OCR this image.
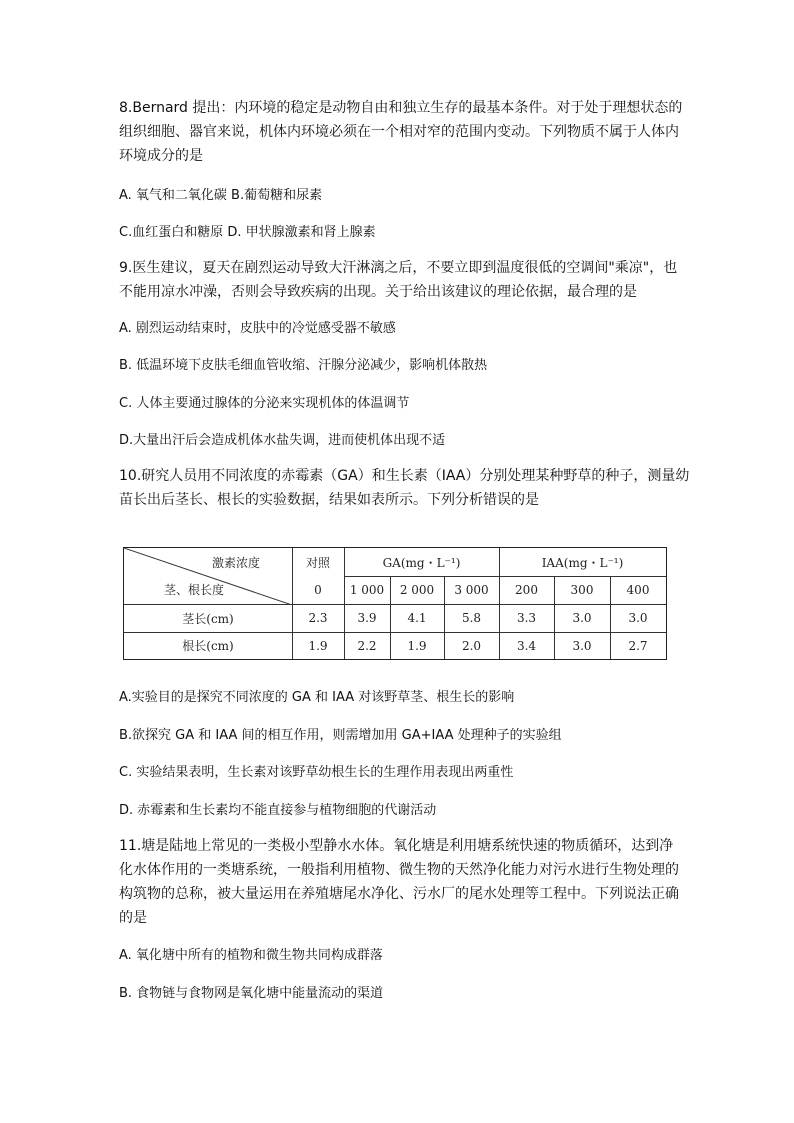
8.Bernard 提出：内环境的稳定是动物自由和独立生存的最基本条件。对于处于理想状态的
组织细胞、器官来说，机体内环境必须在一个相对窄的范围内变动。下列物质不属于人体内
环境成分的是
A. 氧气和二氧化碳 B.葡萄糖和尿素
C.血红蛋白和糖原 D. 甲状腺激素和肾上腺素
9.医生建议，夏天在剧烈运动导致大汗淋漓之后，不要立即到温度很低的空调间"乘凉"，也
不能用凉水冲澡，否则会导致疾病的出现。关于给出该建议的理论依据，最合理的是
A. 剧烈运动结束时，皮肤中的冷觉感受器不敏感
B. 低温环境下皮肤毛细血管收缩、汗腺分泌减少，影响机体散热
C. 人体主要通过腺体的分泌来实现机体的体温调节
D.大量出汗后会造成机体水盐失调，进而使机体出现不适
10.研究人员用不同浓度的赤霉素（GA）和生长素（IAA）分别处理某种野草的种子，测量幼
苗长出后茎长、根长的实验数据，结果如表所示。下列分析错误的是
激素浓度
茎、根长度
对照	GA(mg・L⁻¹)	IAA(mg・L⁻¹)
0	1 000	2 000	3 000	200	300	400
茎长(cm)	2.3	3.9	4.1	5.8	3.3	3.0	3.0
根长(cm)	1.9	2.2	1.9	2.0	3.4	3.0	2.7
A.实验目的是探究不同浓度的 GA 和 IAA 对该野草茎、根生长的影响
B.欲探究 GA 和 IAA 间的相互作用，则需增加用 GA+IAA 处理种子的实验组
C. 实验结果表明，生长素对该野草幼根生长的生理作用表现出两重性
D. 赤霉素和生长素均不能直接参与植物细胞的代谢活动
11.塘是陆地上常见的一类极小型静水水体。氧化塘是利用塘系统快速的物质循环，达到净
化水体作用的一类塘系统，一般指利用植物、微生物的天然净化能力对污水进行生物处理的
构筑物的总称，被大量运用在养殖塘尾水净化、污水厂的尾水处理等工程中。下列说法正确
的是
A. 氧化塘中所有的植物和微生物共同构成群落
B. 食物链与食物网是氧化塘中能量流动的渠道
